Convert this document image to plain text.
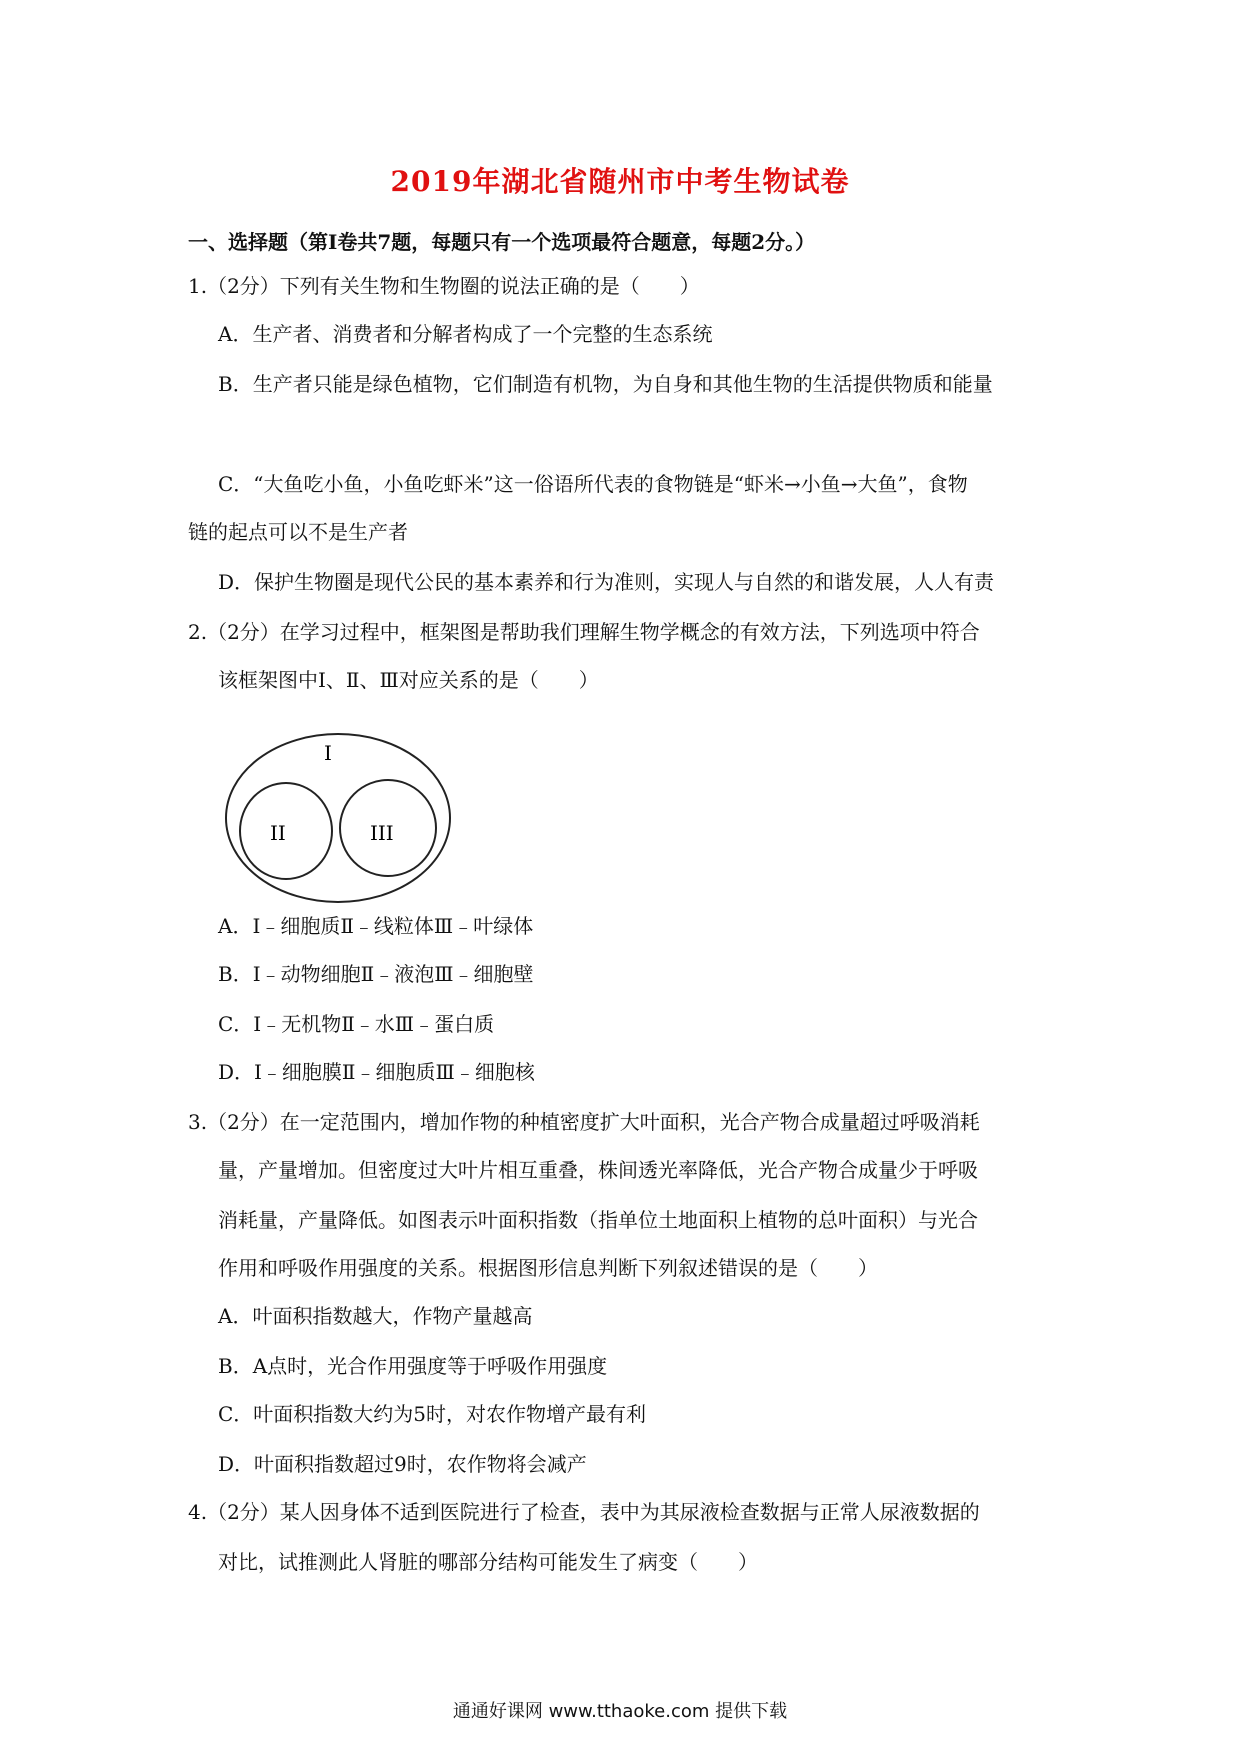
2019年湖北省随州市中考生物试卷
一、选择题（第Ⅰ卷共7题，每题只有一个选项最符合题意，每题2分。）
1.（2分）下列有关生物和生物圈的说法正确的是（　　）
A．生产者、消费者和分解者构成了一个完整的生态系统
B．生产者只能是绿色植物，它们制造有机物，为自身和其他生物的生活提供物质和能量
C．“大鱼吃小鱼，小鱼吃虾米”这一俗语所代表的食物链是“虾米→小鱼→大鱼”，食物
链的起点可以不是生产者
D．保护生物圈是现代公民的基本素养和行为准则，实现人与自然的和谐发展，人人有责
2.（2分）在学习过程中，框架图是帮助我们理解生物学概念的有效方法，下列选项中符合
该框架图中Ⅰ、Ⅱ、Ⅲ对应关系的是（　　）
I
II	III
A．Ⅰ﹣细胞质Ⅱ﹣线粒体Ⅲ﹣叶绿体
B．Ⅰ﹣动物细胞Ⅱ﹣液泡Ⅲ﹣细胞壁
C．Ⅰ﹣无机物Ⅱ﹣水Ⅲ﹣蛋白质
D．Ⅰ﹣细胞膜Ⅱ﹣细胞质Ⅲ﹣细胞核
3.（2分）在一定范围内，增加作物的种植密度扩大叶面积，光合产物合成量超过呼吸消耗
量，产量增加。但密度过大叶片相互重叠，株间透光率降低，光合产物合成量少于呼吸
消耗量，产量降低。如图表示叶面积指数（指单位土地面积上植物的总叶面积）与光合
作用和呼吸作用强度的关系。根据图形信息判断下列叙述错误的是（　　）
A．叶面积指数越大，作物产量越高
B．A点时，光合作用强度等于呼吸作用强度
C．叶面积指数大约为5时，对农作物增产最有利
D．叶面积指数超过9时，农作物将会减产
4.（2分）某人因身体不适到医院进行了检查，表中为其尿液检查数据与正常人尿液数据的
对比，试推测此人肾脏的哪部分结构可能发生了病变（　　）
通通好课网 www.tthaoke.com 提供下载
